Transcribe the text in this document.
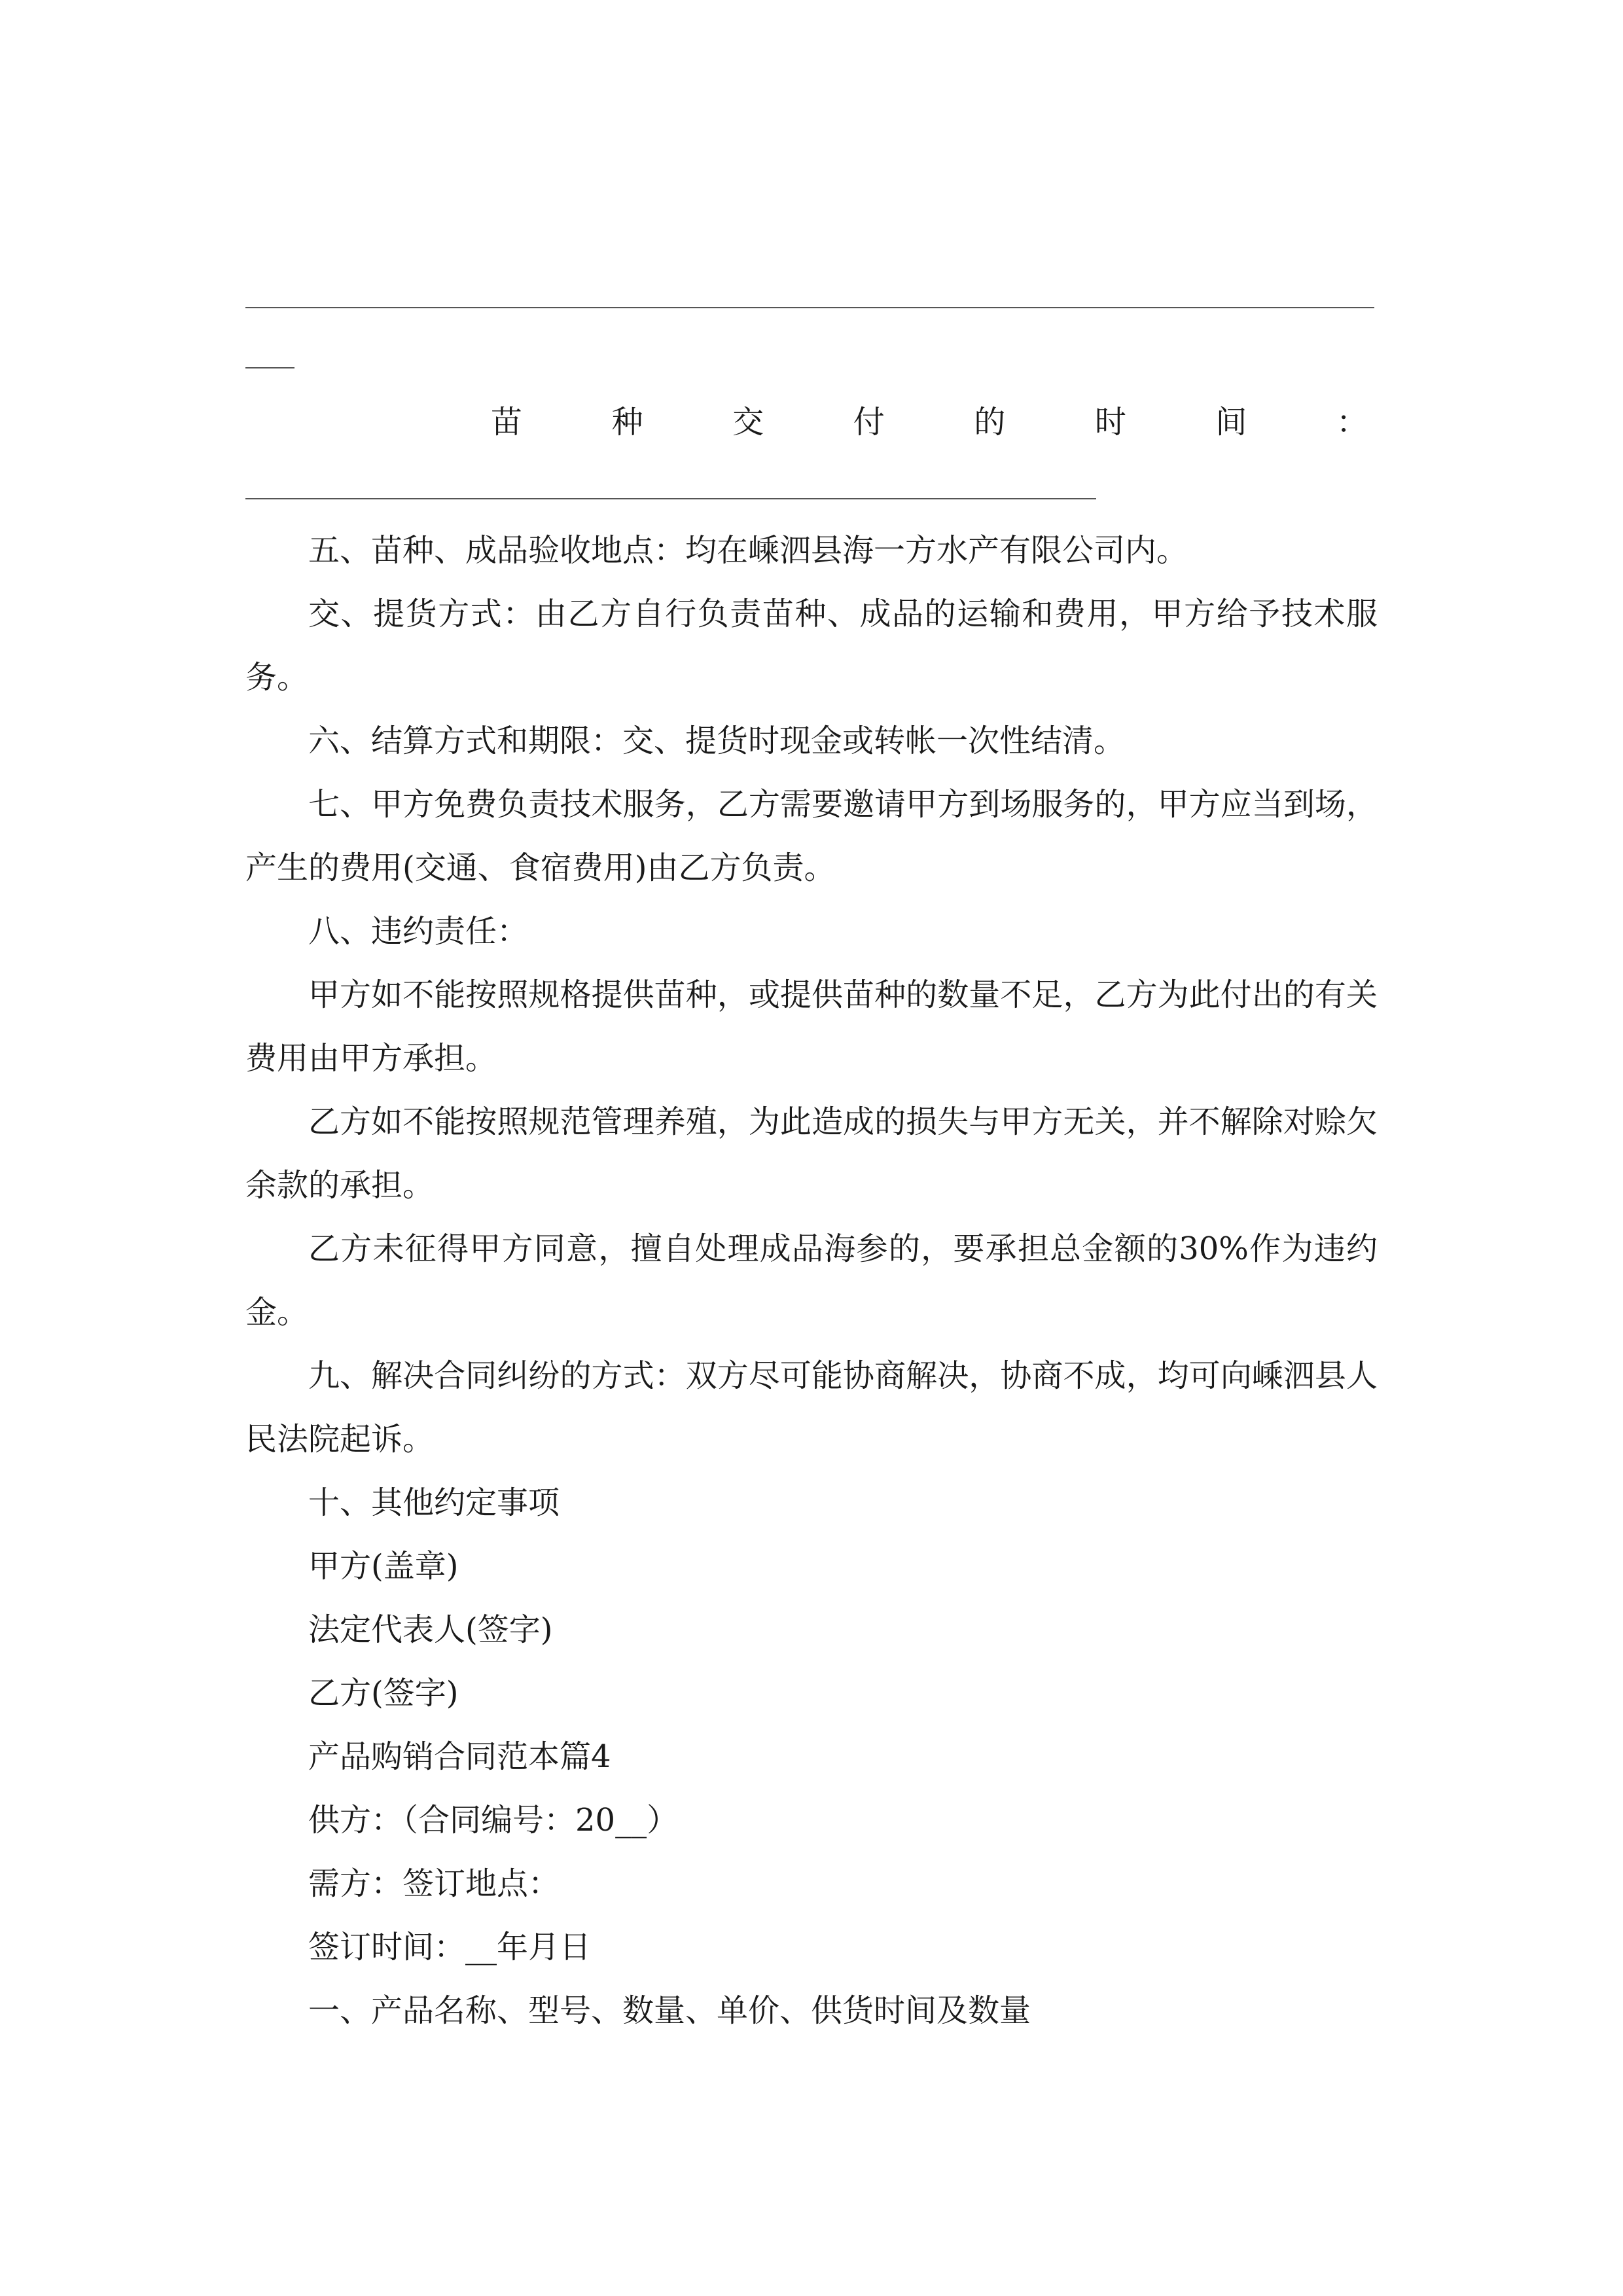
苗	种	交	付	的	时	间	：

五、苗种、成品验收地点：均在嵊泗县海一方水产有限公司内。

交、提货方式：由乙方自行负责苗种、成品的运输和费用，甲方给予技术服务。

六、结算方式和期限：交、提货时现金或转帐一次性结清。

七、甲方免费负责技术服务，乙方需要邀请甲方到场服务的，甲方应当到场，产生的费用(交通、食宿费用)由乙方负责。

八、违约责任：

甲方如不能按照规格提供苗种，或提供苗种的数量不足，乙方为此付出的有关费用由甲方承担。

乙方如不能按照规范管理养殖，为此造成的损失与甲方无关，并不解除对赊欠余款的承担。

乙方未征得甲方同意，擅自处理成品海参的，要承担总金额的30%作为违约金。

九、解决合同纠纷的方式：双方尽可能协商解决，协商不成，均可向嵊泗县人民法院起诉。

十、其他约定事项

甲方(盖章)

法定代表人(签字)

乙方(签字)

产品购销合同范本篇4

供方：（合同编号：20__）

需方：签订地点：

签订时间：__年月日

一、产品名称、型号、数量、单价、供货时间及数量
